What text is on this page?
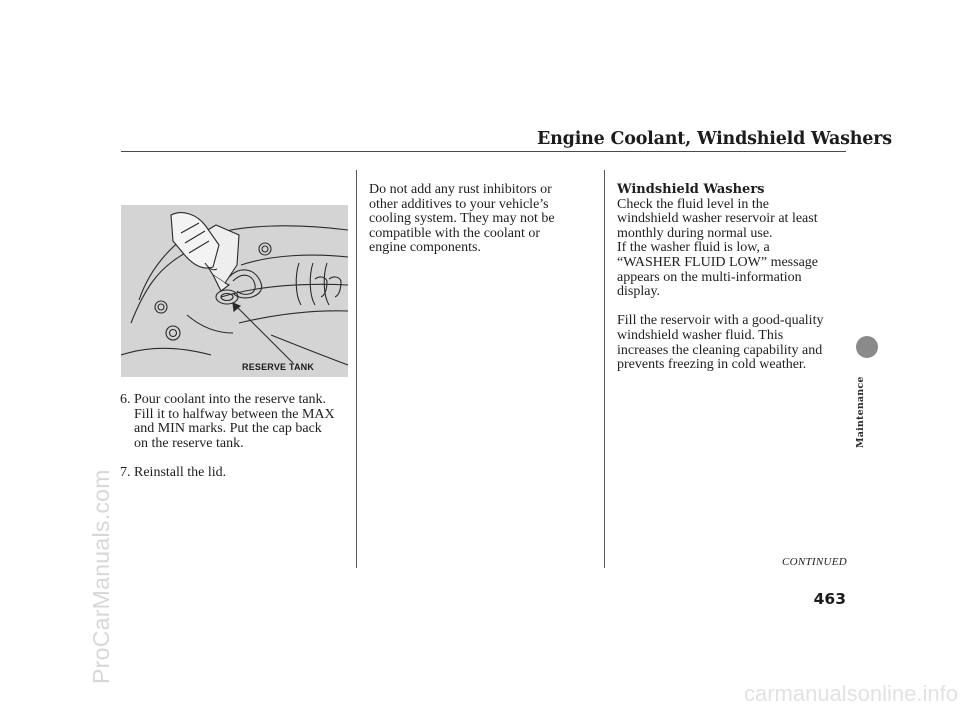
Engine Coolant, Windshield Washers
RESERVE TANK
6. Pour coolant into the reserve tank.
Fill it to halfway between the MAX
and MIN marks. Put the cap back
on the reserve tank.
7. Reinstall the lid.

Do not add any rust inhibitors or
other additives to your vehicle’s
cooling system. They may not be
compatible with the coolant or
engine components.

Windshield Washers

Check the fluid level in the
windshield washer reservoir at least
monthly during normal use.

If the washer fluid is low, a
“WASHER FLUID LOW” message
appears on the multi-information
display.

Fill the reservoir with a good-quality
windshield washer fluid. This
increases the cleaning capability and
prevents freezing in cold weather.

CONTINUED
463
Maintenance
ProCarManuals.com
carmanualsonline.info
